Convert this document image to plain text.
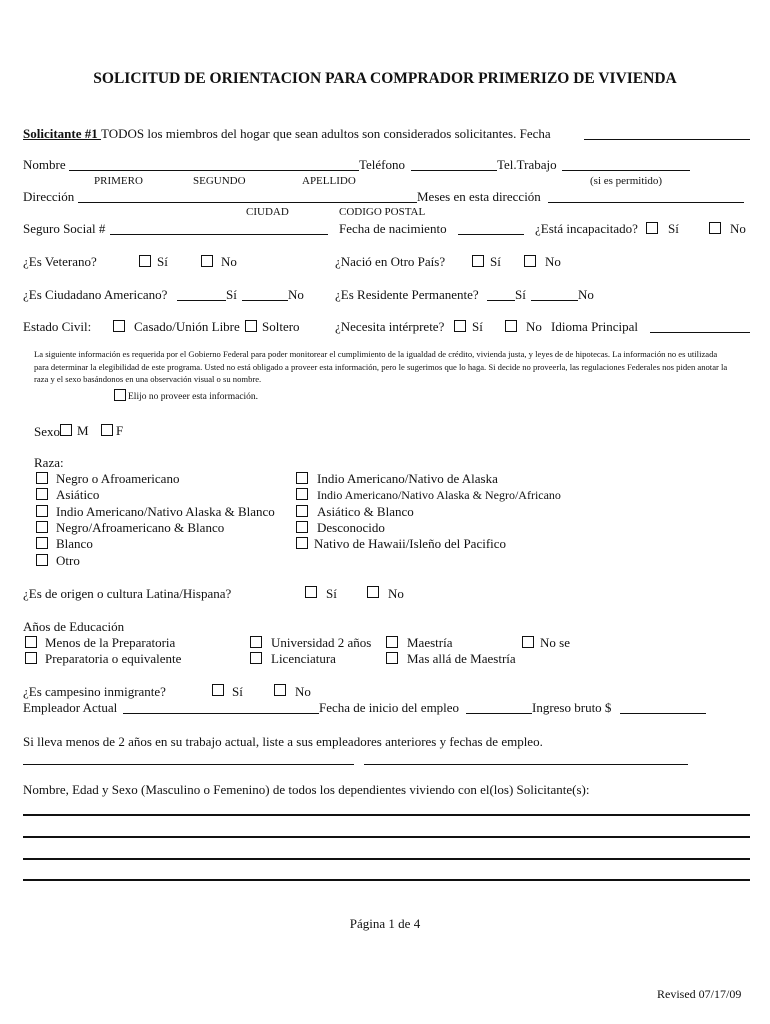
SOLICITUD DE ORIENTACION PARA COMPRADOR PRIMERIZO DE VIVIENDA
Solicitante #1 TODOS los miembros del hogar que sean adultos son considerados solicitantes. Fecha
Nombre	Teléfono	Tel.Trabajo
PRIMERO	SEGUNDO	APELLIDO	(si es permitido)
Dirección	Meses en esta dirección
CIUDAD	CODIGO POSTAL
Seguro Social #	Fecha de nacimiento	¿Está incapacitado? Sí	No
¿Es Veterano?	Sí	No	¿Nació en Otro País?	Sí	No
¿Es Ciudadano Americano?	Sí	No ¿Es Residente Permanente?	Sí	No
Estado Civil:	Casado/Unión Libre Soltero	¿Necesita intérprete? Sí	No Idioma Principal
La siguiente información es requerida por el Gobierno Federal para poder monitorear el cumplimiento de la igualdad de crédito, vivienda justa, y leyes de de hipotecas. La información no es utilizada para determinar la elegibilidad de este programa. Usted no está obligado a proveer esta información, pero le sugerimos que lo haga. Si decide no proveerla, las regulaciones Federales nos piden anotar la raza y el sexo basándonos en una observación visual o su nombre.
Elijo no proveer esta información.
Sexo M F
Raza:
Negro o Afroamericano
Asiático
Indio Americano/Nativo Alaska & Blanco
Negro/Afroamericano & Blanco
Blanco
Otro
Indio Americano/Nativo de Alaska
Indio Americano/Nativo Alaska & Negro/Africano
Asiático & Blanco
Desconocido
Nativo de Hawaii/Isleño del Pacifico
¿Es de origen o cultura Latina/Hispana?	Sí	No
Años de Educación
Menos de la Preparatoria
Preparatoria o equivalente
Universidad 2 años
Licenciatura
Maestría
Mas allá de Maestría
No se
¿Es campesino inmigrante?	Sí	No
Empleador Actual	Fecha de inicio del empleo	Ingreso bruto $
Si lleva menos de 2 años en su trabajo actual, liste a sus empleadores anteriores y fechas de empleo.
Nombre, Edad y Sexo (Masculino o Femenino) de todos los dependientes viviendo con el(los) Solicitante(s):
Página 1 de 4
Revised 07/17/09
